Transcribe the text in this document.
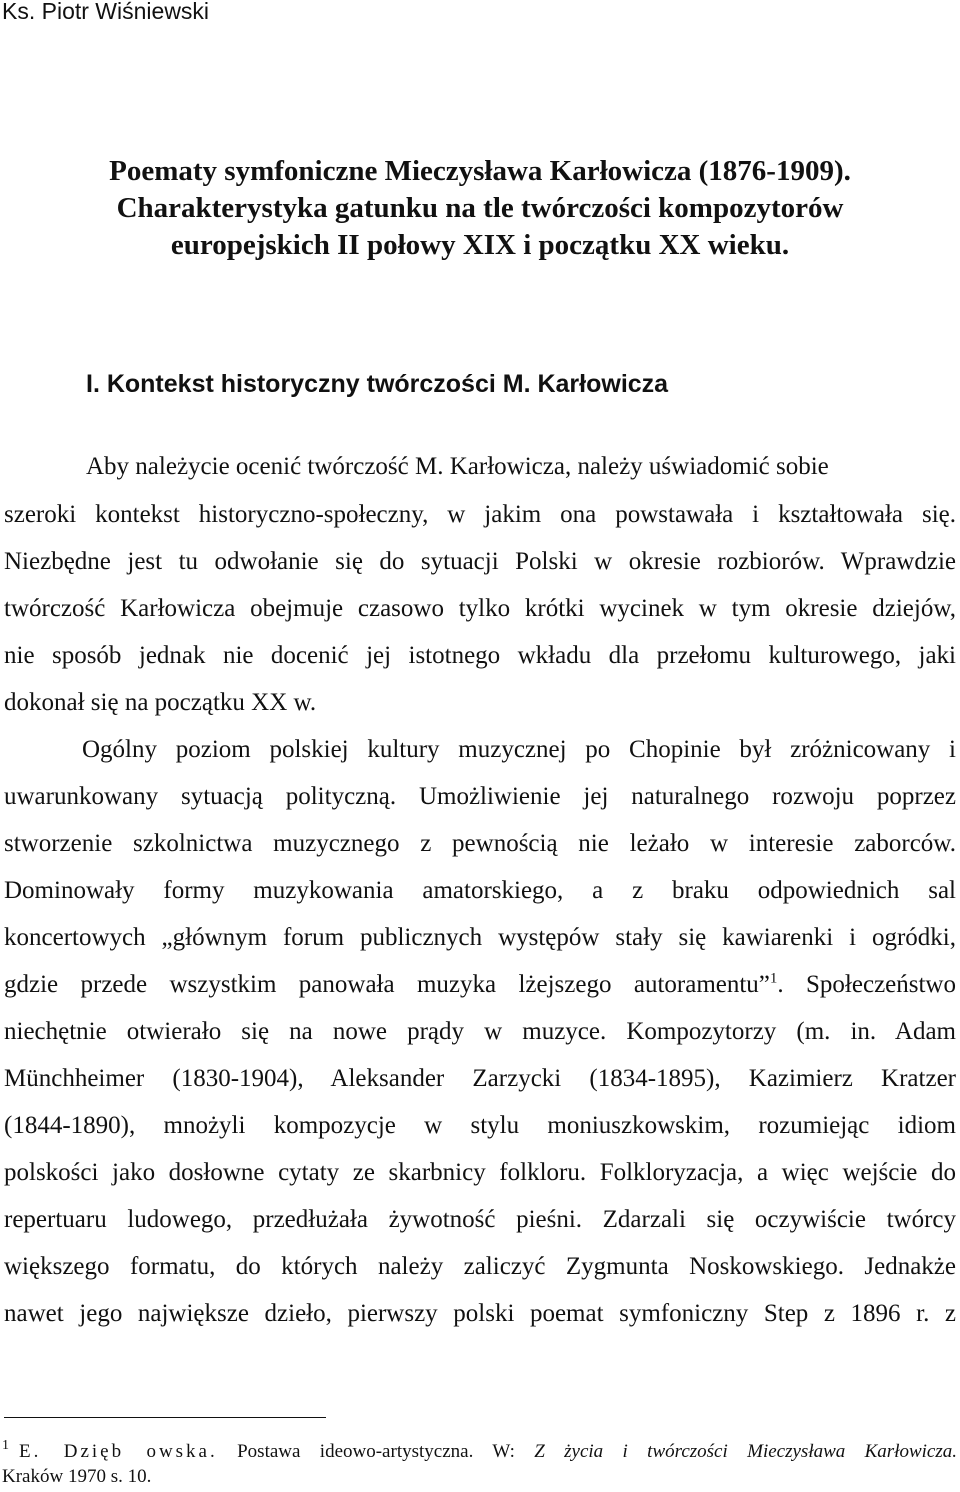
Ks. Piotr Wiśniewski
Poematy symfoniczne Mieczysława Karłowicza (1876-1909).
Charakterystyka gatunku na tle twórczości kompozytorów
europejskich II połowy XIX i początku XX wieku.
I. Kontekst historyczny twórczości M. Karłowicza
Aby należycie ocenić twórczość M. Karłowicza, należy uświadomić sobie
szeroki kontekst historyczno-społeczny, w jakim ona powstawała i kształtowała się.
Niezbędne jest tu odwołanie się do sytuacji Polski w okresie rozbiorów. Wprawdzie
twórczość Karłowicza obejmuje czasowo tylko krótki wycinek w tym okresie dziejów,
nie sposób jednak nie docenić jej istotnego wkładu dla przełomu kulturowego, jaki
dokonał się na początku XX w.
Ogólny poziom polskiej kultury muzycznej po Chopinie był zróżnicowany i
uwarunkowany sytuacją polityczną. Umożliwienie jej naturalnego rozwoju poprzez
stworzenie szkolnictwa muzycznego z pewnością nie leżało w interesie zaborców.
Dominowały formy muzykowania amatorskiego, a z braku odpowiednich sal
koncertowych „głównym forum publicznych występów stały się kawiarenki i ogródki,
gdzie przede wszystkim panowała muzyka lżejszego autoramentu”$^1$. Społeczeństwo
niechętnie otwierało się na nowe prądy w muzyce. Kompozytorzy (m. in. Adam
Münchheimer (1830-1904), Aleksander Zarzycki (1834-1895), Kazimierz Kratzer
(1844-1890), mnożyli kompozycje w stylu moniuszkowskim, rozumiejąc idiom
polskości jako dosłowne cytaty ze skarbnicy folkloru. Folkloryzacja, a więc wejście do
repertuaru ludowego, przedłużała żywotność pieśni. Zdarzali się oczywiście twórcy
większego formatu, do których należy zaliczyć Zygmunta Noskowskiego. Jednakże
nawet jego największe dzieło, pierwszy polski poemat symfoniczny Step z 1896 r. z
$^1$ E. Dzięb owska. Postawa ideowo-artystyczna. W: Z życia i twórczości Mieczysława Karłowicza.
Kraków 1970 s. 10.
